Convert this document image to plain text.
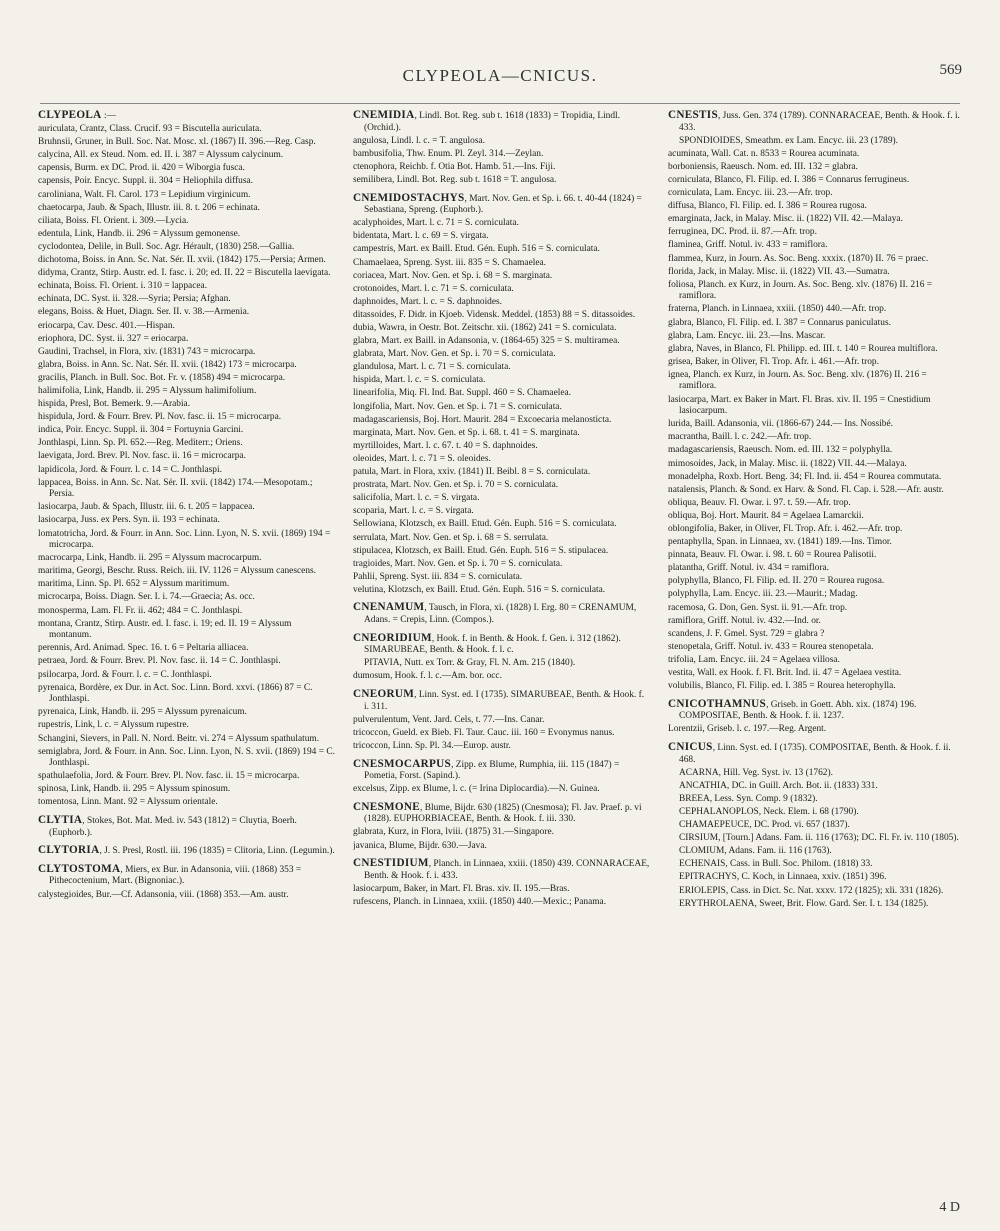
CLYPEOLA—CNICUS.	569
CLYPEOLA :—
auriculata, Crantz, Class. Crucif. 93 = Biscutella auriculata.
Bruhnsii, Gruner, in Bull. Soc. Nat. Mosc. xl. (1867) II. 396.—Reg. Casp.
calycina, All. ex Steud. Nom. ed. II. i. 387 = Alyssum calycinum.
capensis, Burm. ex DC. Prod. ii. 420 = Wiborgia fusca.
capensis, Poir. Encyc. Suppl. ii. 304 = Heliophila diffusa.
caroliniana, Walt. Fl. Carol. 173 = Lepidium virginicum.
chaetocarpa, Jaub. & Spach, Illustr. iii. 8. t. 206 = echinata.
ciliata, Boiss. Fl. Orient. i. 309.—Lycia.
edentula, Link, Handb. ii. 296 = Alyssum gemonense.
cyclodontea, Delile, in Bull. Soc. Agr. Hérault, (1830) 258.—Gallia.
dichotoma, Boiss. in Ann. Sc. Nat. Sér. II. xvii. (1842) 175.—Persia; Armen.
didyma, Crantz, Stirp. Austr. ed. I. fasc. i. 20; ed. II. 22 = Biscutella laevigata.
echinata, Boiss. Fl. Orient. i. 310 = lappacea.
echinata, DC. Syst. ii. 328.—Syria; Persia; Afghan.
elegans, Boiss. & Huet, Diagn. Ser. II. v. 38.—Armenia.
eriocarpa, Cav. Desc. 401.—Hispan.
eriophora, DC. Syst. ii. 327 = eriocarpa.
Gaudini, Trachsel, in Flora, xiv. (1831) 743 = microcarpa.
glabra, Boiss. in Ann. Sc. Nat. Sér. II. xvii. (1842) 173 = microcarpa.
gracilis, Planch. in Bull. Soc. Bot. Fr. v. (1858) 494 = microcarpa.
halimifolia, Link, Handb. ii. 295 = Alyssum halimifolium.
hispida, Presl, Bot. Bemerk. 9.—Arabia.
hispidula, Jord. & Fourr. Brev. Pl. Nov. fasc. ii. 15 = microcarpa.
indica, Poir. Encyc. Suppl. ii. 304 = Fortuynia Garcini.
Jonthlaspi, Linn. Sp. Pl. 652.—Reg. Mediterr.; Oriens.
laevigata, Jord. Brev. Pl. Nov. fasc. ii. 16 = microcarpa.
lapidicola, Jord. & Fourr. l. c. 14 = C. Jonthlaspi.
lappacea, Boiss. in Ann. Sc. Nat. Sér. II. xvii. (1842) 174.—Mesopotam.; Persia.
lasiocarpa, Jaub. & Spach, Illustr. iii. 6. t. 205 = lappacea.
lasiocarpa, Juss. ex Pers. Syn. ii. 193 = echinata.
lomatotricha, Jord. & Fourr. in Ann. Soc. Linn. Lyon, N. S. xvii. (1869) 194 = microcarpa.
macrocarpa, Link, Handb. ii. 295 = Alyssum macrocarpum.
maritima, Georgi, Beschr. Russ. Reich. iii. IV. 1126 = Alyssum canescens.
maritima, Linn. Sp. Pl. 652 = Alyssum maritimum.
microcarpa, Boiss. Diagn. Ser. I. i. 74.—Graecia; As. occ.
monosperma, Lam. Fl. Fr. ii. 462; 484 = C. Jonthlaspi.
montana, Crantz, Stirp. Austr. ed. I. fasc. i. 19; ed. II. 19 = Alyssum montanum.
perennis, Ard. Animad. Spec. 16. t. 6 = Peltaria alliacea.
petraea, Jord. & Fourr. Brev. Pl. Nov. fasc. ii. 14 = C. Jonthlaspi.
psilocarpa, Jord. & Fourr. l. c. = C. Jonthlaspi.
pyrenaica, Bordère, ex Dur. in Act. Soc. Linn. Bord. xxvi. (1866) 87 = C. Jonthlaspi.
pyrenaica, Link, Handb. ii. 295 = Alyssum pyrenaicum.
rupestris, Link, l. c. = Alyssum rupestre.
Schangini, Sievers, in Pall. N. Nord. Beitr. vi. 274 = Alyssum spathulatum.
semiglabra, Jord. & Fourr. in Ann. Soc. Linn. Lyon, N. S. xvii. (1869) 194 = C. Jonthlaspi.
spathulaefolia, Jord. & Fourr. Brev. Pl. Nov. fasc. ii. 15 = microcarpa.
spinosa, Link, Handb. ii. 295 = Alyssum spinosum.
tomentosa, Linn. Mant. 92 = Alyssum orientale.
CLYTIA, Stokes, Bot. Mat. Med. iv. 543 (1812) = Cluytia, Boerh. (Euphorb.).
CLYTORIA, J. S. Presl, Rostl. iii. 196 (1835) = Clitoria, Linn. (Legumin.).
CLYTOSTOMA, Miers, ex Bur. in Adansonia, viii. (1868) 353 = Pithecoctenium, Mart. (Bignoniac.).
calystegioides, Bur.—Cf. Adansonia, viii. (1868) 353.—Am. austr.
CNEMIDIA, Lindl. Bot. Reg. sub t. 1618 (1833) = Tropidia, Lindl. (Orchid.).
angulosa, Lindl. l. c. = T. angulosa.
bambusifolia, Thw. Enum. Pl. Zeyl. 314.—Zeylan.
ctenophora, Reichb. f. Otia Bot. Hamb. 51.—Ins. Fiji.
semilibera, Lindl. Bot. Reg. sub t. 1618 = T. angulosa.
CNEMIDOSTACHYS, Mart. Nov. Gen. et Sp. i. 66. t. 40-44 (1824) = Sebastiana, Spreng. (Euphorb.).
acalyphoides, Mart. l. c. 71 = S. corniculata.
bidentata, Mart. l. c. 69 = S. virgata.
campestris, Mart. ex Baill. Etud. Gén. Euph. 516 = S. corniculata.
Chamaelaea, Spreng. Syst. iii. 835 = S. Chamaelea.
coriacea, Mart. Nov. Gen. et Sp. i. 68 = S. marginata.
crotonoides, Mart. l. c. 71 = S. corniculata.
daphnoides, Mart. l. c. = S. daphnoides.
ditassoides, F. Didr. in Kjoeb. Vidensk. Meddel. (1853) 88 = S. ditassoides.
dubia, Wawra, in Oestr. Bot. Zeitschr. xii. (1862) 241 = S. corniculata.
glabra, Mart. ex Baill. in Adansonia, v. (1864-65) 325 = S. multiramea.
glabrata, Mart. Nov. Gen. et Sp. i. 70 = S. corniculata.
glandulosa, Mart. l. c. 71 = S. corniculata.
hispida, Mart. l. c. = S. corniculata.
linearifolia, Miq. Fl. Ind. Bat. Suppl. 460 = S. Chamaelea.
longifolia, Mart. Nov. Gen. et Sp. i. 71 = S. corniculata.
madagascariensis, Boj. Hort. Maurit. 284 = Excoecaria melanosticta.
marginata, Mart. Nov. Gen. et Sp. i. 68. t. 41 = S. marginata.
myrtilloides, Mart. l. c. 67. t. 40 = S. daphnoides.
oleoides, Mart. l. c. 71 = S. oleoides.
patula, Mart. in Flora, xxiv. (1841) II. Beibl. 8 = S. corniculata.
prostrata, Mart. Nov. Gen. et Sp. i. 70 = S. corniculata.
salicifolia, Mart. l. c. = S. virgata.
scoparia, Mart. l. c. = S. virgata.
Sellowiana, Klotzsch, ex Baill. Etud. Gén. Euph. 516 = S. corniculata.
serrulata, Mart. Nov. Gen. et Sp. i. 68 = S. serrulata.
stipulacea, Klotzsch, ex Baill. Etud. Gén. Euph. 516 = S. stipulacea.
tragioides, Mart. Nov. Gen. et Sp. i. 70 = S. corniculata.
Pahlii, Spreng. Syst. iii. 834 = S. corniculata.
velutina, Klotzsch, ex Baill. Etud. Gén. Euph. 516 = S. corniculata.
CNENAMUM, Tausch, in Flora, xi. (1828) I. Erg. 80 = CRENAMUM, Adans. = Crepis, Linn. (Compos.).
CNEORIDIUM, Hook. f. in Benth. & Hook. f. Gen. i. 312 (1862). SIMARUBEAE, Benth. & Hook. f. l. c.
PITAVIA, Nutt. ex Torr. & Gray, Fl. N. Am. 215 (1840).
dumosum, Hook. f. l. c.—Am. bor. occ.
CNEORUM, Linn. Syst. ed. I (1735). SIMARUBEAE, Benth. & Hook. f. i. 311.
pulverulentum, Vent. Jard. Cels, t. 77.—Ins. Canar.
tricoccon, Gueld. ex Bieb. Fl. Taur. Cauc. iii. 160 = Evonymus nanus.
tricoccon, Linn. Sp. Pl. 34.—Europ. austr.
CNESMOCARPUS, Zipp. ex Blume, Rumphia, iii. 115 (1847) = Pometia, Forst. (Sapind.).
excelsus, Zipp. ex Blume, l. c. (= Irina Diplocardia).—N. Guinea.
CNESMONE, Blume, Bijdr. 630 (1825) (Cnesmosa); Fl. Jav. Praef. p. vi (1828). EUPHORBIACEAE, Benth. & Hook. f. iii. 330.
glabrata, Kurz, in Flora, lviii. (1875) 31.—Singapore.
javanica, Blume, Bijdr. 630.—Java.
CNESTIDIUM, Planch. in Linnaea, xxiii. (1850) 439. CONNARACEAE, Benth. & Hook. f. i. 433.
lasiocarpum, Baker, in Mart. Fl. Bras. xiv. II. 195.—Bras.
rufescens, Planch. in Linnaea, xxiii. (1850) 440.—Mexic.; Panama.
CNESTIS, Juss. Gen. 374 (1789). CONNARACEAE, Benth. & Hook. f. i. 433.
SPONDIOIDES, Smeathm. ex Lam. Encyc. iii. 23 (1789).
acuminata, Wall. Cat. n. 8533 = Rourea acuminata.
borboniensis, Raeusch. Nom. ed. III. 132 = glabra.
corniculata, Blanco, Fl. Filip. ed. I. 386 = Connarus ferrugineus.
corniculata, Lam. Encyc. iii. 23.—Afr. trop.
diffusa, Blanco, Fl. Filip. ed. I. 386 = Rourea rugosa.
emarginata, Jack, in Malay. Misc. ii. (1822) VII. 42.—Malaya.
ferruginea, DC. Prod. ii. 87.—Afr. trop.
flaminea, Griff. Notul. iv. 433 = ramiflora.
flammea, Kurz, in Journ. As. Soc. Beng. xxxix. (1870) II. 76 = praec.
florida, Jack, in Malay. Misc. ii. (1822) VII. 43.—Sumatra.
foliosa, Planch. ex Kurz, in Journ. As. Soc. Beng. xlv. (1876) II. 216 = ramiflora.
fraterna, Planch. in Linnaea, xxiii. (1850) 440.—Afr. trop.
glabra, Blanco, Fl. Filip. ed. I. 387 = Connarus paniculatus.
glabra, Lam. Encyc. iii. 23.—Ins. Mascar.
glabra, Naves, in Blanco, Fl. Philipp. ed. III. t. 140 = Rourea multiflora.
grisea, Baker, in Oliver, Fl. Trop. Afr. i. 461.—Afr. trop.
ignea, Planch. ex Kurz, in Journ. As. Soc. Beng. xlv. (1876) II. 216 = ramiflora.
lasiocarpa, Mart. ex Baker in Mart. Fl. Bras. xiv. II. 195 = Cnestidium lasiocarpum.
lurida, Baill. Adansonia, vii. (1866-67) 244.— Ins. Nossibé.
macrantha, Baill. l. c. 242.—Afr. trop.
madagascariensis, Raeusch. Nom. ed. III. 132 = polyphylla.
mimosoides, Jack, in Malay. Misc. ii. (1822) VII. 44.—Malaya.
monadelpha, Roxb. Hort. Beng. 34; Fl. Ind. ii. 454 = Rourea commutata.
natalensis, Planch. & Sond. ex Harv. & Sond. Fl. Cap. i. 528.—Afr. austr.
obliqua, Beauv. Fl. Owar. i. 97. t. 59.—Afr. trop.
obliqua, Boj. Hort. Maurit. 84 = Agelaea Lamarckii.
oblongifolia, Baker, in Oliver, Fl. Trop. Afr. i. 462.—Afr. trop.
pentaphylla, Span. in Linnaea, xv. (1841) 189.—Ins. Timor.
pinnata, Beauv. Fl. Owar. i. 98. t. 60 = Rourea Palisotii.
platantha, Griff. Notul. iv. 434 = ramiflora.
polyphylla, Blanco, Fl. Filip. ed. II. 270 = Rourea rugosa.
polyphylla, Lam. Encyc. iii. 23.—Maurit.; Madag.
racemosa, G. Don, Gen. Syst. ii. 91.—Afr. trop.
ramiflora, Griff. Notul. iv. 432.—Ind. or.
scandens, J. F. Gmel. Syst. 729 = glabra ?
stenopetala, Griff. Notul. iv. 433 = Rourea stenopetala.
trifolia, Lam. Encyc. iii. 24 = Agelaea villosa.
vestita, Wall. ex Hook. f. Fl. Brit. Ind. ii. 47 = Agelaea vestita.
volubilis, Blanco, Fl. Filip. ed. I. 385 = Rourea heterophylla.
CNICOTHAMNUS, Griseb. in Goett. Abh. xix. (1874) 196. COMPOSITAE, Benth. & Hook. f. ii. 1237.
Lorentzii, Griseb. l. c. 197.—Reg. Argent.
CNICUS, Linn. Syst. ed. I (1735). COMPOSITAE, Benth. & Hook. f. ii. 468.
ACARNA, Hill. Veg. Syst. iv. 13 (1762).
ANCATHIA, DC. in Guill. Arch. Bot. ii. (1833) 331.
BREEA, Less. Syn. Comp. 9 (1832).
CEPHALANOPLOS, Neck. Elem. i. 68 (1790).
CHAMAEPEUCE, DC. Prod. vi. 657 (1837).
CIRSIUM, [Tourn.] Adans. Fam. ii. 116 (1763); DC. Fl. Fr. iv. 110 (1805).
CLOMIUM, Adans. Fam. ii. 116 (1763).
ECHENAIS, Cass. in Bull. Soc. Philom. (1818) 33.
EPITRACHYS, C. Koch, in Linnaea, xxiv. (1851) 396.
ERIOLEPIS, Cass. in Dict. Sc. Nat. xxxv. 172 (1825); xli. 331 (1826).
ERYTHROLAENA, Sweet, Brit. Flow. Gard. Ser. I. t. 134 (1825).
4 D
